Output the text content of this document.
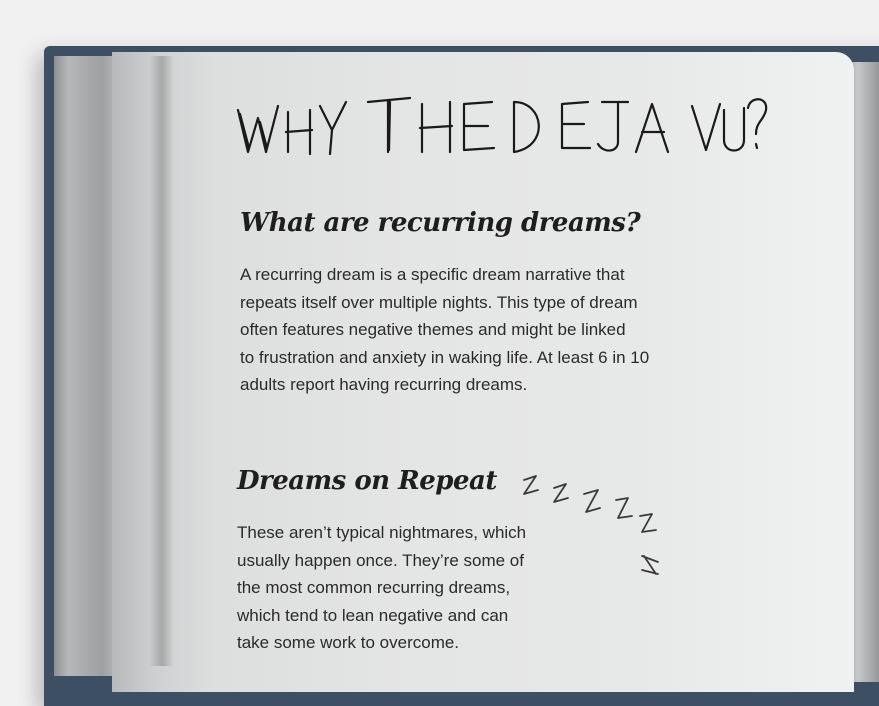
What are recurring dreams?

A recurring dream is a specific dream narrative that
repeats itself over multiple nights. This type of dream
often features negative themes and might be linked
to frustration and anxiety in waking life. At least 6 in 10
adults report having recurring dreams.

Dreams on Repeat

These aren’t typical nightmares, which
usually happen once. They’re some of
the most common recurring dreams,
which tend to lean negative and can
take some work to overcome.
